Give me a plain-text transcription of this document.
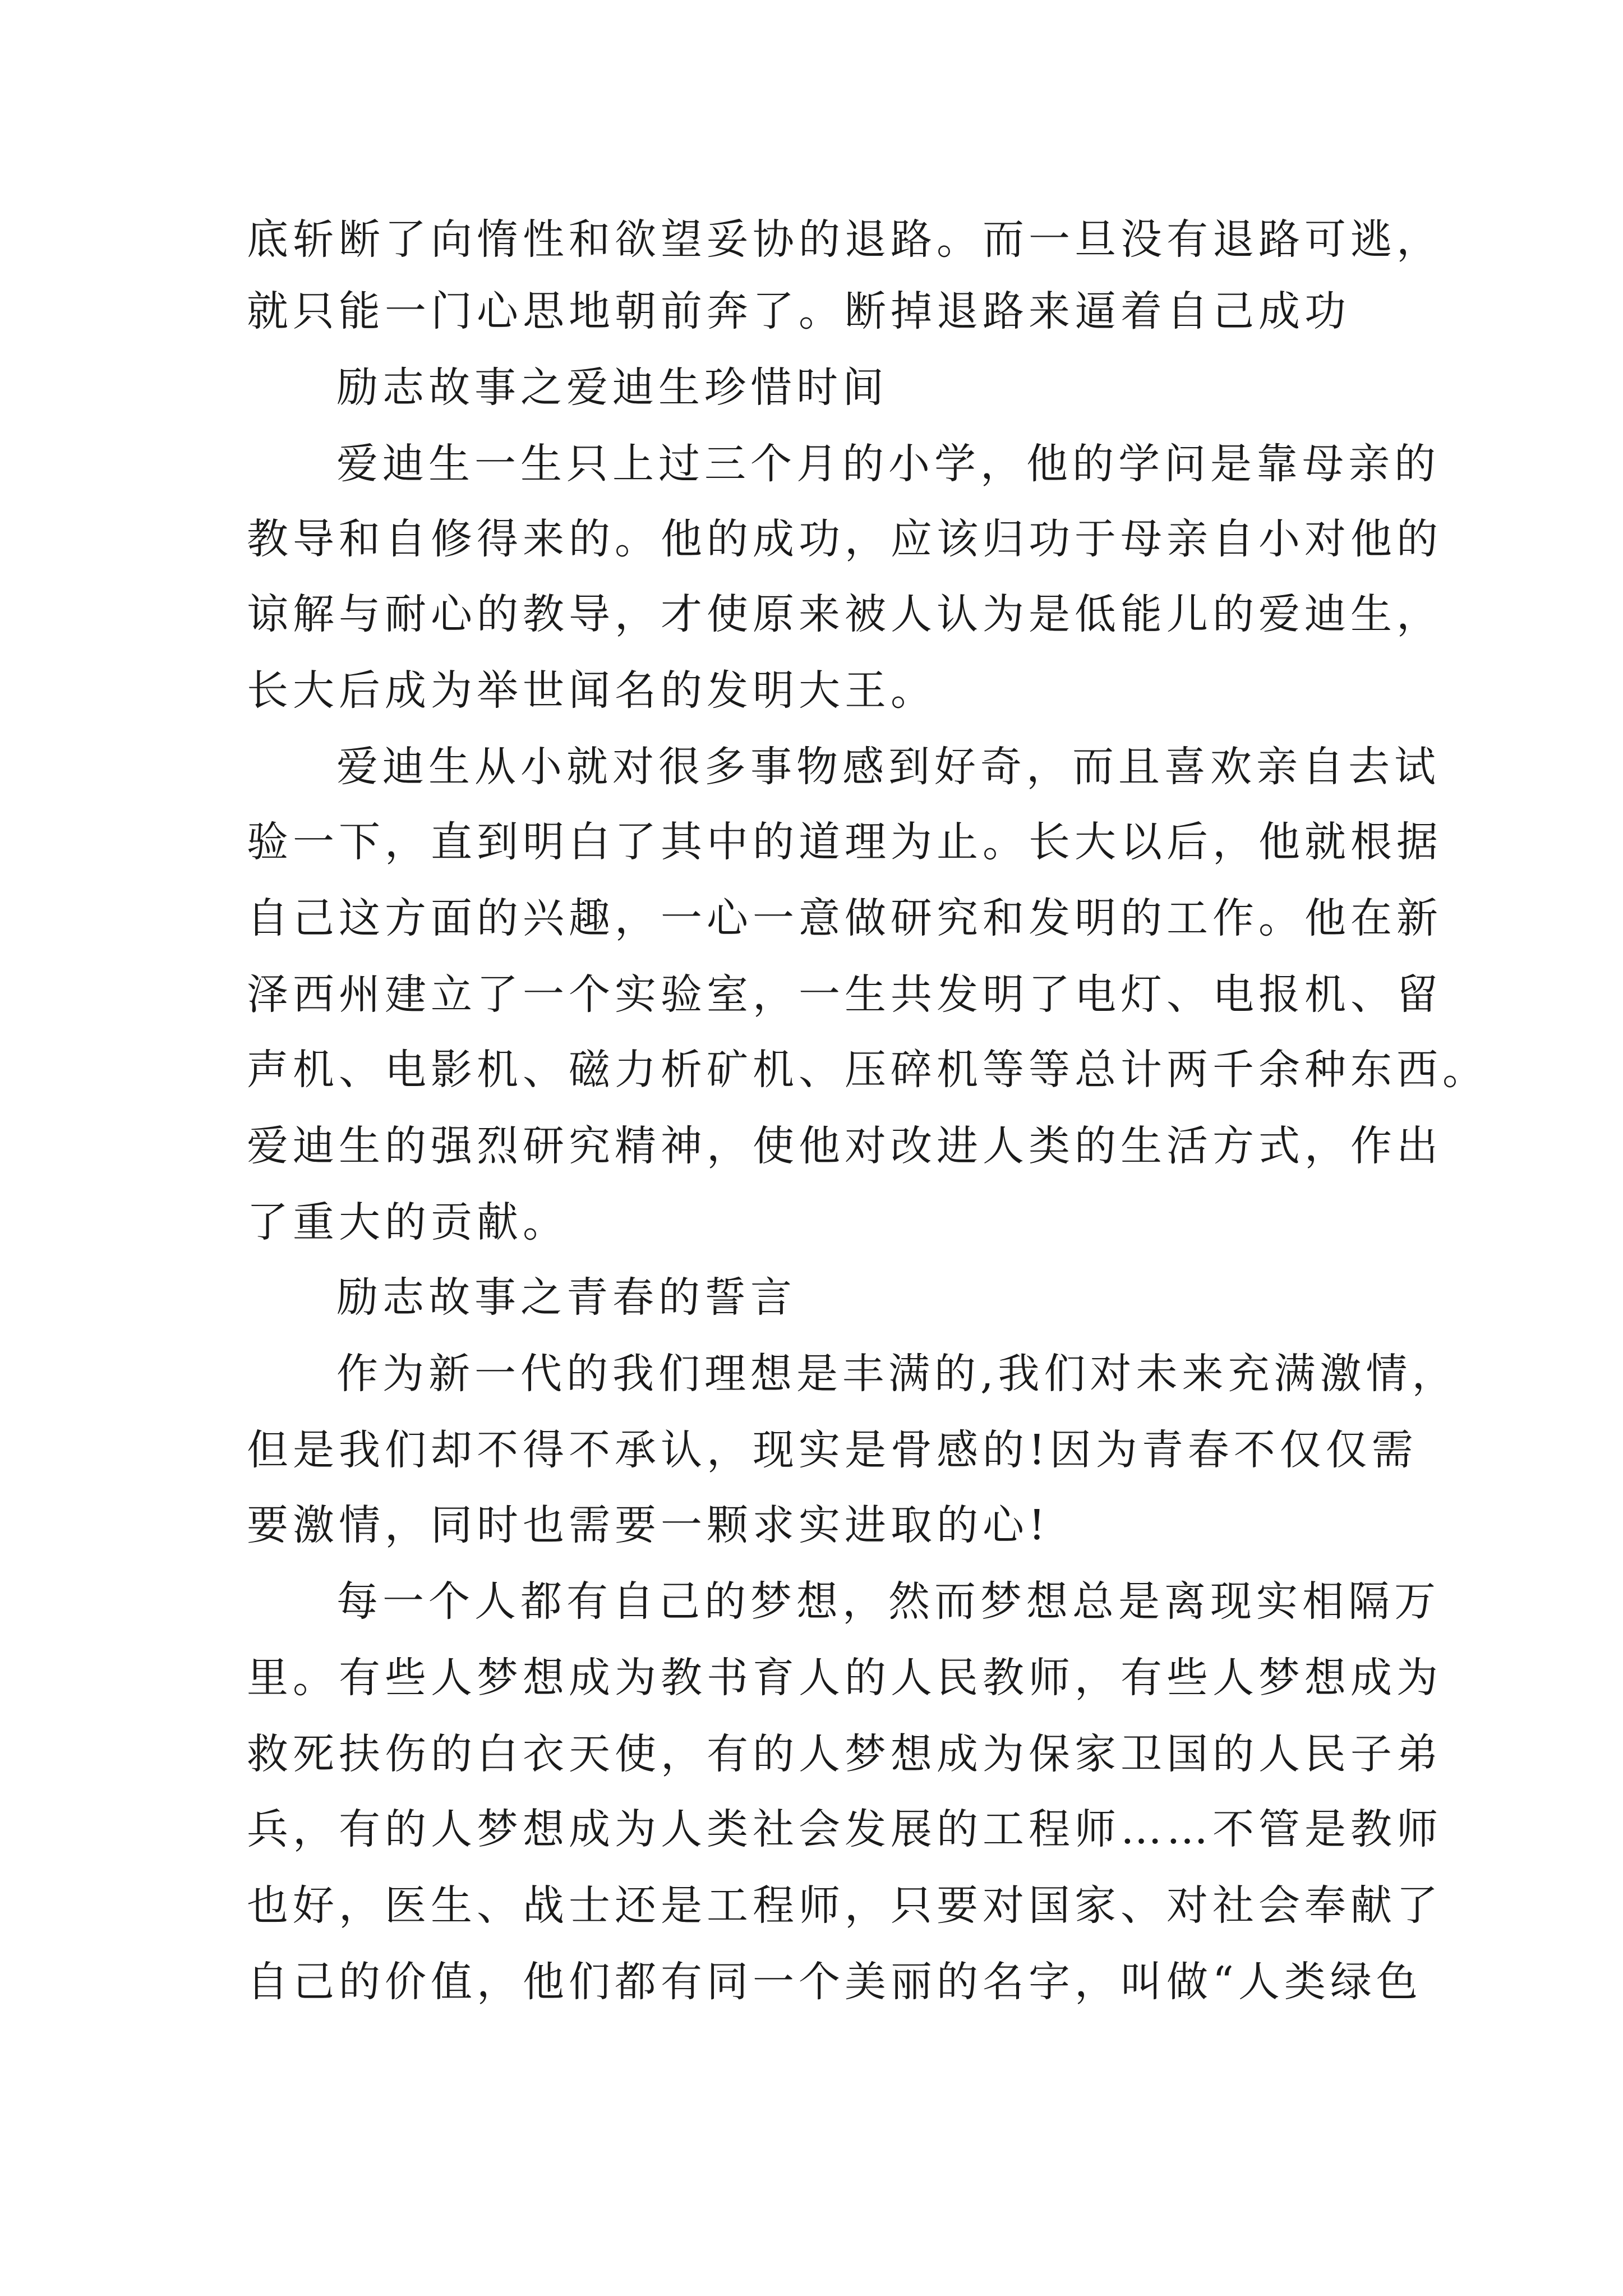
底斩断了向惰性和欲望妥协的退路。而一旦没有退路可逃，
就只能一门心思地朝前奔了。断掉退路来逼着自己成功
励志故事之爱迪生珍惜时间
爱迪生一生只上过三个月的小学，他的学问是靠母亲的
教导和自修得来的。他的成功，应该归功于母亲自小对他的
谅解与耐心的教导，才使原来被人认为是低能儿的爱迪生，
长大后成为举世闻名的发明大王。
爱迪生从小就对很多事物感到好奇，而且喜欢亲自去试
验一下，直到明白了其中的道理为止。长大以后，他就根据
自己这方面的兴趣，一心一意做研究和发明的工作。他在新
泽西州建立了一个实验室，一生共发明了电灯、电报机、留
声机、电影机、磁力析矿机、压碎机等等总计两千余种东西。
爱迪生的强烈研究精神，使他对改进人类的生活方式，作出
了重大的贡献。
励志故事之青春的誓言
作为新一代的我们理想是丰满的,我们对未来充满激情，
但是我们却不得不承认，现实是骨感的!因为青春不仅仅需
要激情，同时也需要一颗求实进取的心!
每一个人都有自己的梦想，然而梦想总是离现实相隔万
里。有些人梦想成为教书育人的人民教师，有些人梦想成为
救死扶伤的白衣天使，有的人梦想成为保家卫国的人民子弟
兵，有的人梦想成为人类社会发展的工程师……不管是教师
也好，医生、战士还是工程师，只要对国家、对社会奉献了
自己的价值，他们都有同一个美丽的名字，叫做“人类绿色
